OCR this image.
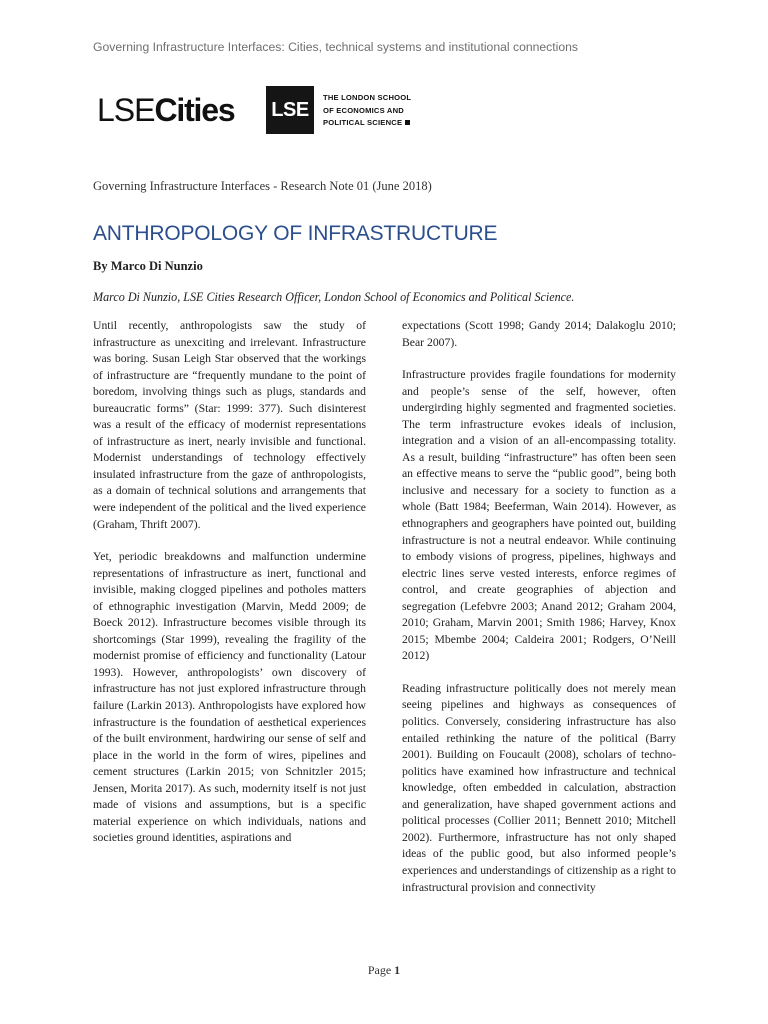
Governing Infrastructure Interfaces: Cities, technical systems and institutional connections
LSECities LSE
THE LONDON SCHOOL
OF ECONOMICS AND
POLITICAL SCIENCE
Governing Infrastructure Interfaces - Research Note 01 (June 2018)
ANTHROPOLOGY OF INFRASTRUCTURE
By Marco Di Nunzio
Marco Di Nunzio, LSE Cities Research Officer, London School of Economics and Political Science.

Until recently, anthropologists saw the study of infrastructure as unexciting and irrelevant. Infrastructure was boring. Susan Leigh Star observed that the workings of infrastructure are “frequently mundane to the point of boredom, involving things such as plugs, standards and bureaucratic forms” (Star: 1999: 377). Such disinterest was a result of the efficacy of modernist representations of infrastructure as inert, nearly invisible and functional. Modernist understandings of technology effectively insulated infrastructure from the gaze of anthropologists, as a domain of technical solutions and arrangements that were independent of the political and the lived experience (Graham, Thrift 2007).

Yet, periodic breakdowns and malfunction undermine representations of infrastructure as inert, functional and invisible, making clogged pipelines and potholes matters of ethnographic investigation (Marvin, Medd 2009; de Boeck 2012). Infrastructure becomes visible through its shortcomings (Star 1999), revealing the fragility of the modernist promise of efficiency and functionality (Latour 1993). However, anthropologists’ own discovery of infrastructure has not just explored infrastructure through failure (Larkin 2013). Anthropologists have explored how infrastructure is the foundation of aesthetical experiences of the built environment, hardwiring our sense of self and place in the world in the form of wires, pipelines and cement structures (Larkin 2015; von Schnitzler 2015; Jensen, Morita 2017). As such, modernity itself is not just made of visions and assumptions, but is a specific material experience on which individuals, nations and societies ground identities, aspirations and

expectations (Scott 1998; Gandy 2014; Dalakoglu 2010; Bear 2007).

Infrastructure provides fragile foundations for modernity and people’s sense of the self, however, often undergirding highly segmented and fragmented societies. The term infrastructure evokes ideals of inclusion, integration and a vision of an all-encompassing totality. As a result, building “infrastructure” has often been seen an effective means to serve the “public good”, being both inclusive and necessary for a society to function as a whole (Batt 1984; Beeferman, Wain 2014). However, as ethnographers and geographers have pointed out, building infrastructure is not a neutral endeavor. While continuing to embody visions of progress, pipelines, highways and electric lines serve vested interests, enforce regimes of control, and create geographies of abjection and segregation (Lefebvre 2003; Anand 2012; Graham 2004, 2010; Graham, Marvin 2001; Smith 1986; Harvey, Knox 2015; Mbembe 2004; Caldeira 2001; Rodgers, O’Neill 2012)

Reading infrastructure politically does not merely mean seeing pipelines and highways as consequences of politics. Conversely, considering infrastructure has also entailed rethinking the nature of the political (Barry 2001). Building on Foucault (2008), scholars of techno-politics have examined how infrastructure and technical knowledge, often embedded in calculation, abstraction and generalization, have shaped government actions and political processes (Collier 2011; Bennett 2010; Mitchell 2002). Furthermore, infrastructure has not only shaped ideas of the public good, but also informed people’s experiences and understandings of citizenship as a right to infrastructural provision and connectivity

Page 1
